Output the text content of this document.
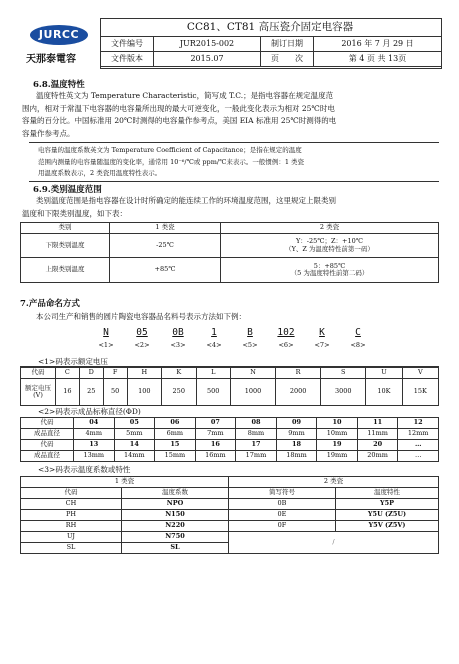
JURCC
天那泰電容
CC81、CT81 高压瓷介固定电容器
文件编号	JUR2015-002	制订日期	2016 年 7 月 29 日
文件版本	2015.07	页　　次	第 4 页 共 13页
6.8.温度特性
温度特性英文为 Temperature Characteristic，简写成 T.C.；是指电容器在规定温度范
围内，相对于常温下电容器的电容量所出现的最大可逆变化，一般此变化表示为相对 25℃时电
容量的百分比。中国标准用 20℃时测得的电容量作参考点，美国 EIA 标准用 25℃时测得的电
容量作参考点。
电容量的温度系数英文为 Temperature Coefficient of Capacitance；是指在规定的温度
范围内测量的电容量随温度的变化率，通常用 10⁻⁶/℃或 ppm/℃来表示。一般惯例：1 类瓷
用温度系数表示，2 类瓷用温度特性表示。
6.9.类别温度范围
类别温度范围是指电容器在设计时所确定的能连续工作的环境温度范围，这里规定上限类别
温度和下限类别温度，如下表：
类别	1 类瓷	2 类瓷
下限类别温度	-25℃	Y：-25℃；Z：+10℃
（Y、Z 为温度特性前第一码）

上限类别温度	+85℃	5：+85℃
（5 为温度特性前第二码）
7.产品命名方式
本公司生产和销售的圆片陶瓷电容器品名料号表示方法如下例：
N	05	0B	1	B	102	K	C
<1>	<2>	<3>	<4>	<5>	<6>	<7>	<8>
<1>码表示额定电压
代码	C	D	F	H	K	L	N	R	S	U	V
额定电压(V)	16	25	50	100	250	500	1000	2000	3000	10K	15K
<2>码表示成品标称直径(ΦD)
代码	04	05	06	07	08	09	10	11	12
成品直径	4mm	5mm	6mm	7mm	8mm	9mm	10mm	11mm	12mm
代码	13	14	15	16	17	18	19	20	…
成品直径	13mm	14mm	15mm	16mm	17mm	18mm	19mm	20mm	…
<3>码表示温度系数或特性
1 类瓷		2 类瓷	
代码	温度系数	简写符号	温度特性
CH	NPO	0B	Y5P
PH	N150	0E	Y5U (Z5U)
RH	N220	0F	Y5V (Z5V)
UJ	N750	/	
SL	SL		
